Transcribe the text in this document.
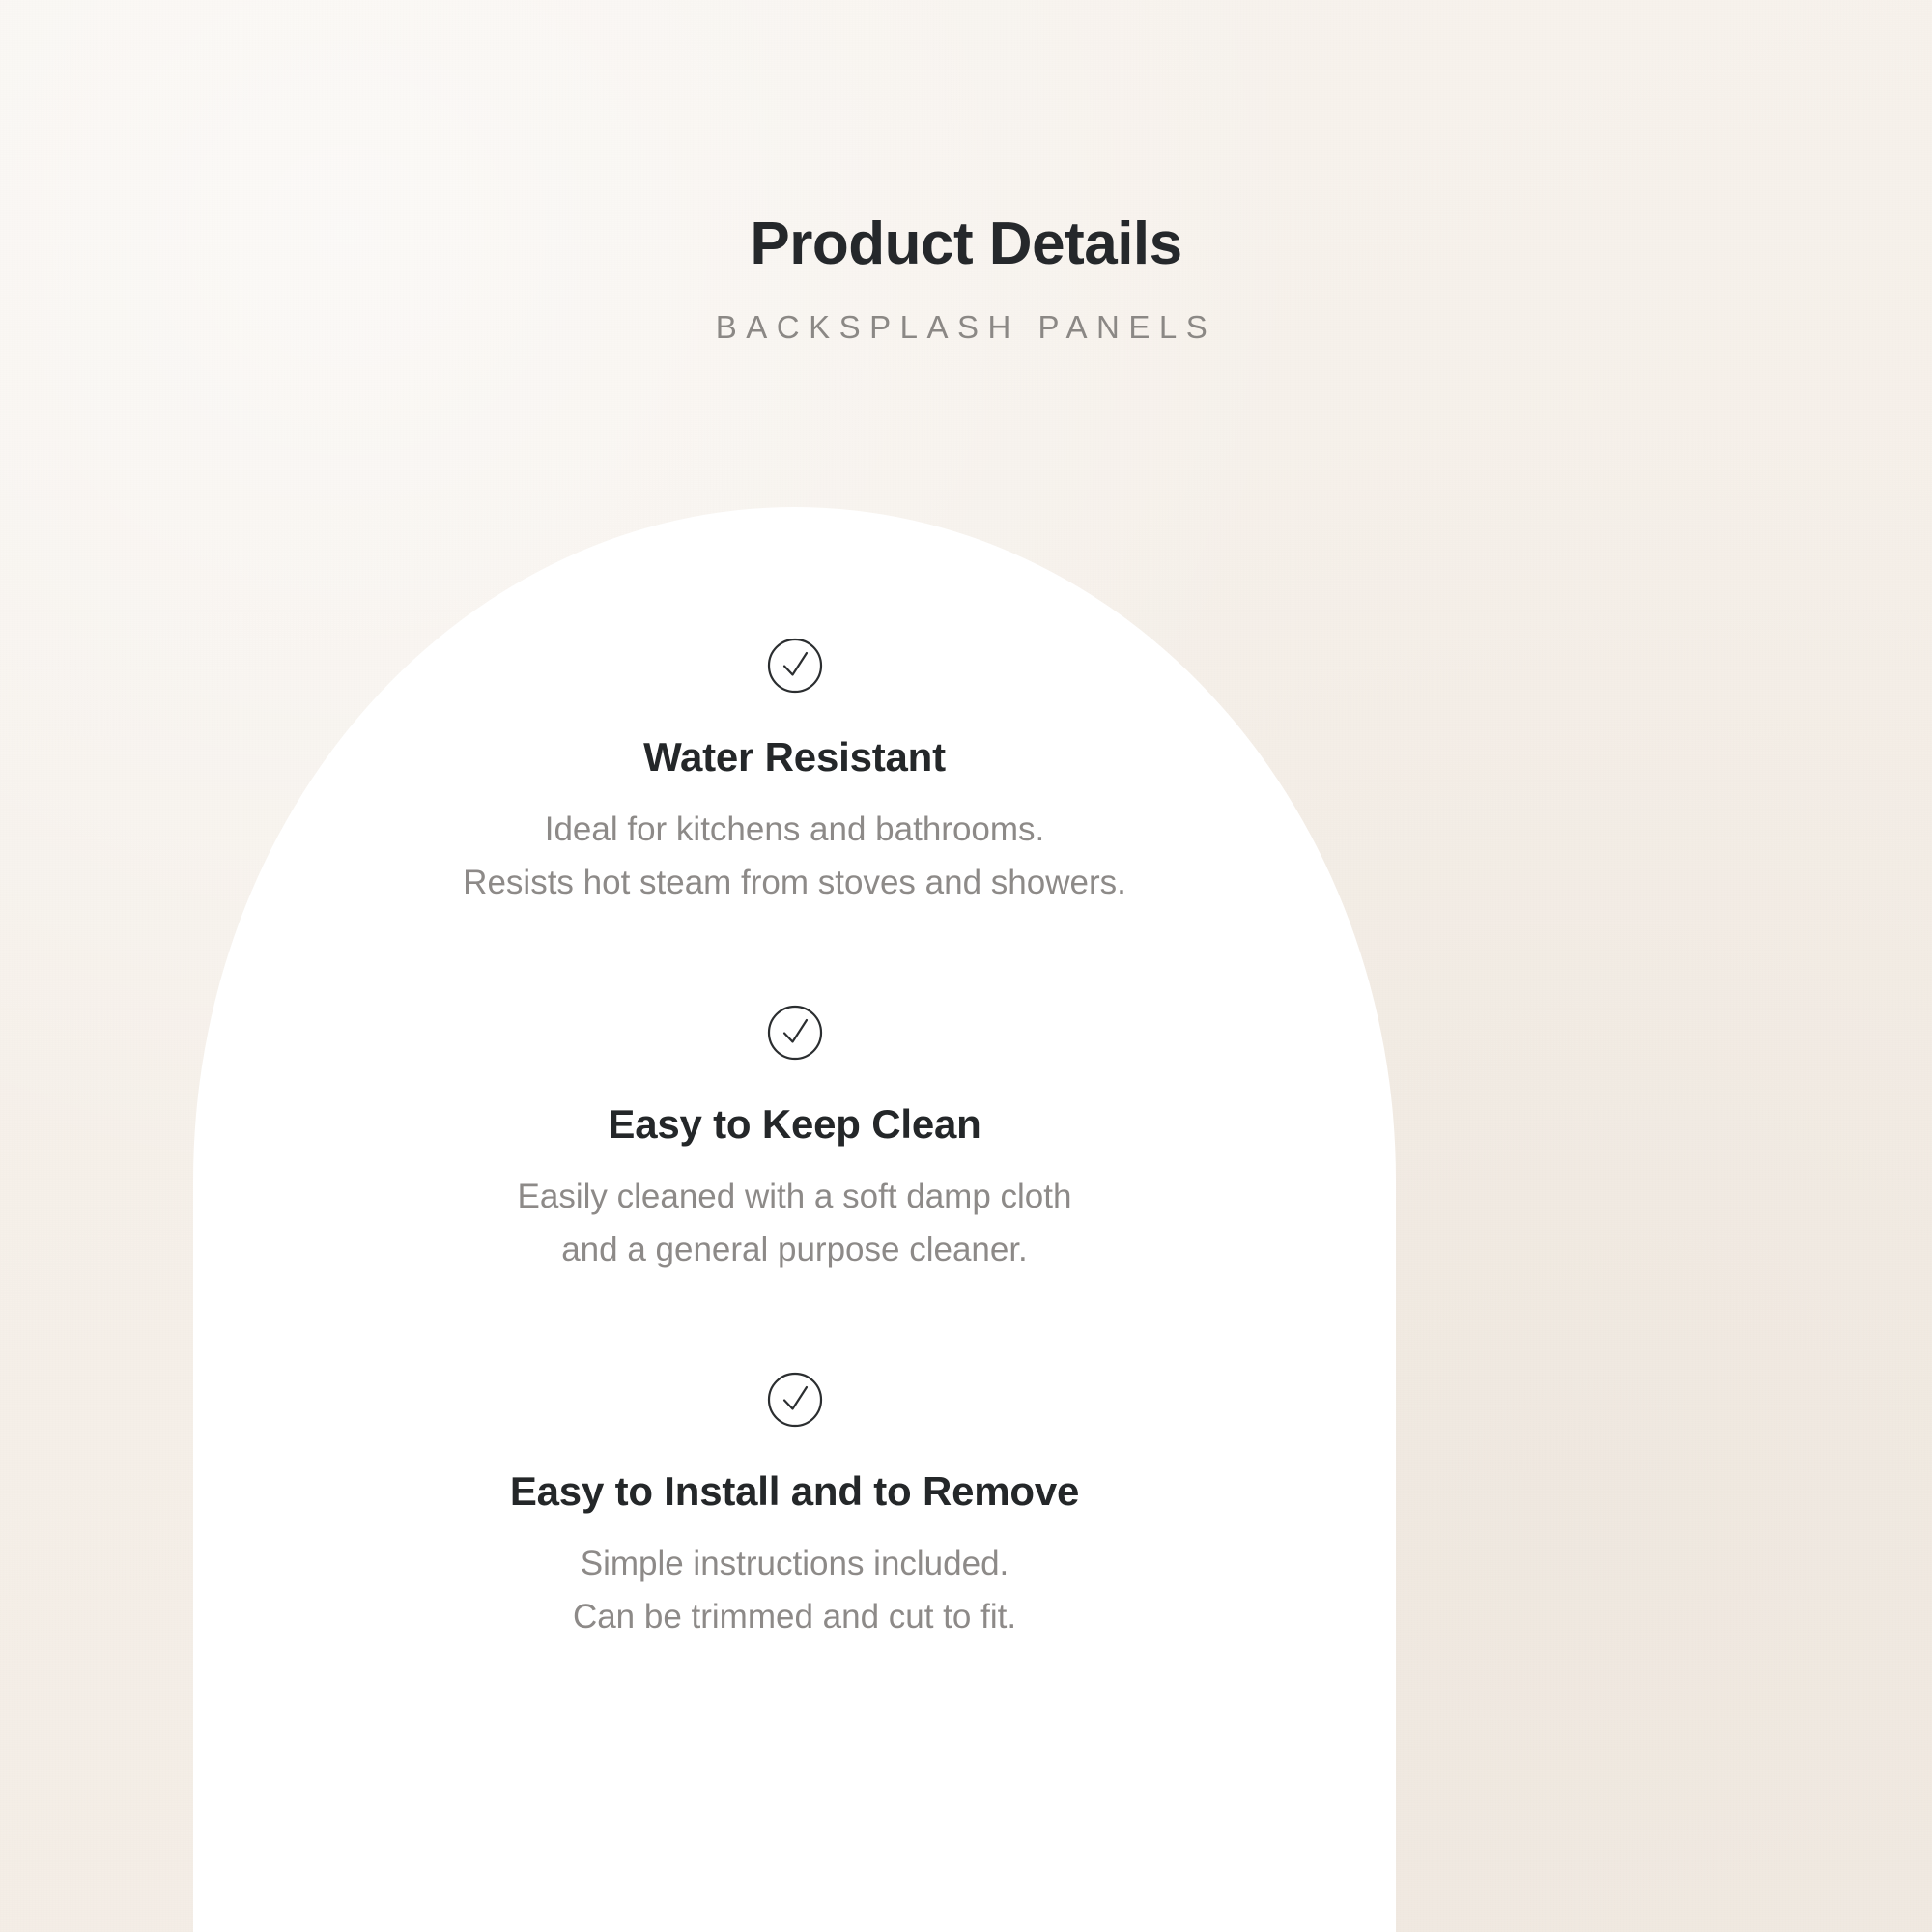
Water Resistant
Ideal for kitchens and bathrooms.
Resists hot steam from stoves and showers.
Easy to Keep Clean
Easily cleaned with a soft damp cloth
and a general purpose cleaner.
Easy to Install and to Remove
Simple instructions included.
Can be trimmed and cut to fit.
Product Details
BACKSPLASH PANELS
